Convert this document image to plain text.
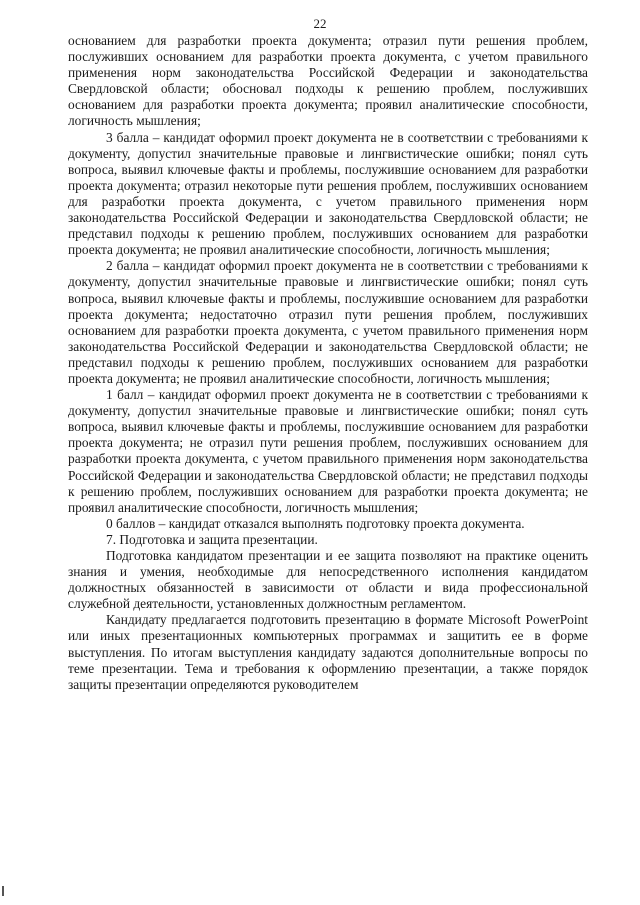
22

основанием для разработки проекта документа; отразил пути решения проблем, послуживших основанием для разработки проекта документа, с учетом правильного применения норм законодательства Российской Федерации и законодательства Свердловской области; обосновал подходы к решению проблем, послуживших основанием для разработки проекта документа; проявил аналитические способности, логичность мышления;

3 балла – кандидат оформил проект документа не в соответствии с требованиями к документу, допустил значительные правовые и лингвистические ошибки; понял суть вопроса, выявил ключевые факты и проблемы, послужившие основанием для разработки проекта документа; отразил некоторые пути решения проблем, послуживших основанием для разработки проекта документа, с учетом правильного применения норм законодательства Российской Федерации и законодательства Свердловской области; не представил подходы к решению проблем, послуживших основанием для разработки проекта документа; не проявил аналитические способности, логичность мышления;

2 балла – кандидат оформил проект документа не в соответствии с требованиями к документу, допустил значительные правовые и лингвистические ошибки; понял суть вопроса, выявил ключевые факты и проблемы, послужившие основанием для разработки проекта документа; недостаточно отразил пути решения проблем, послуживших основанием для разработки проекта документа, с учетом правильного применения норм законодательства Российской Федерации и законодательства Свердловской области; не представил подходы к решению проблем, послуживших основанием для разработки проекта документа; не проявил аналитические способности, логичность мышления;

1 балл – кандидат оформил проект документа не в соответствии с требованиями к документу, допустил значительные правовые и лингвистические ошибки; понял суть вопроса, выявил ключевые факты и проблемы, послужившие основанием для разработки проекта документа; не отразил пути решения проблем, послуживших основанием для разработки проекта документа, с учетом правильного применения норм законодательства Российской Федерации и законодательства Свердловской области; не представил подходы к решению проблем, послуживших основанием для разработки проекта документа; не проявил аналитические способности, логичность мышления;

0 баллов – кандидат отказался выполнять подготовку проекта документа.

7. Подготовка и защита презентации.

Подготовка кандидатом презентации и ее защита позволяют на практике оценить знания и умения, необходимые для непосредственного исполнения кандидатом должностных обязанностей в зависимости от области и вида профессиональной служебной деятельности, установленных должностным регламентом.

Кандидату предлагается подготовить презентацию в формате Microsoft PowerPoint или иных презентационных компьютерных программах и защитить ее в форме выступления. По итогам выступления кандидату задаются дополнительные вопросы по теме презентации. Тема и требования к оформлению презентации, а также порядок защиты презентации определяются руководителем
